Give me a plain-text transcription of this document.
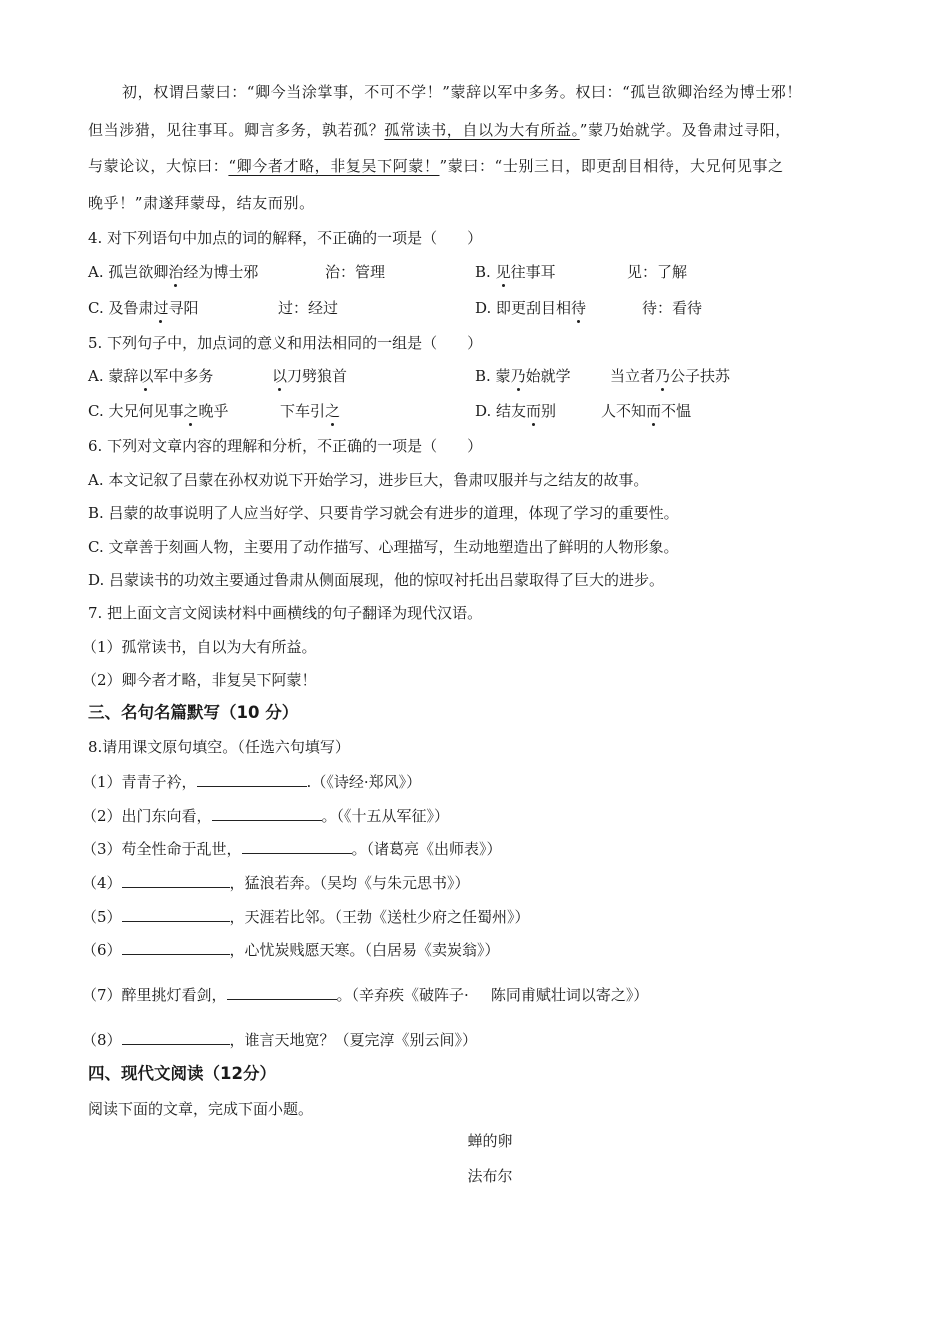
初，权谓吕蒙曰：“卿今当涂掌事，不可不学！”蒙辞以军中多务。权曰：“孤岂欲卿治经为博士邪！
但当涉猎，见往事耳。卿言多务，孰若孤？孤常读书，自以为大有所益。”蒙乃始就学。及鲁肃过寻阳，
与蒙论议，大惊曰：“卿今者才略，非复吴下阿蒙！”蒙曰：“士别三日，即更刮目相待，大兄何见事之
晚乎！”肃遂拜蒙母，结友而别。
4. 对下列语句中加点的词的解释，不正确的一项是（　　）
A. 孤岂欲卿治经为博士邪	治：管理	B. 见往事耳	见：了解
C. 及鲁肃过寻阳	过：经过	D. 即更刮目相待	待：看待
5. 下列句子中，加点词的意义和用法相同的一组是（　　）
A. 蒙辞以军中多务	以刀劈狼首	B. 蒙乃始就学	当立者乃公子扶苏
C. 大兄何见事之晚乎	下车引之	D. 结友而别	人不知而不愠
6. 下列对文章内容的理解和分析，不正确的一项是（　　）
A. 本文记叙了吕蒙在孙权劝说下开始学习，进步巨大，鲁肃叹服并与之结友的故事。
B. 吕蒙的故事说明了人应当好学、只要肯学习就会有进步的道理，体现了学习的重要性。
C. 文章善于刻画人物，主要用了动作描写、心理描写，生动地塑造出了鲜明的人物形象。
D. 吕蒙读书的功效主要通过鲁肃从侧面展现，他的惊叹衬托出吕蒙取得了巨大的进步。
7. 把上面文言文阅读材料中画横线的句子翻译为现代汉语。
（1）孤常读书，自以为大有所益。
（2）卿今者才略，非复吴下阿蒙！
三、名句名篇默写（10 分）
8.请用课文原句填空。（任选六句填写）
（1）青青子衿，	.（《诗经·郑风》）
（2）出门东向看，	。（《十五从军征》）
（3）苟全性命于乱世，	。（诸葛亮《出师表》）
（4）	，猛浪若奔。（吴均《与朱元思书》）
（5）	，天涯若比邻。（王勃《送杜少府之任蜀州》）
（6）	，心忧炭贱愿天寒。（白居易《卖炭翁》）
（7）醉里挑灯看剑，	。（辛弃疾《破阵子· 陈同甫赋壮词以寄之》）
（8）	，谁言天地宽？（夏完淳《别云间》）
四、现代文阅读（12分）
阅读下面的文章，完成下面小题。
蝉的卵
法布尔
